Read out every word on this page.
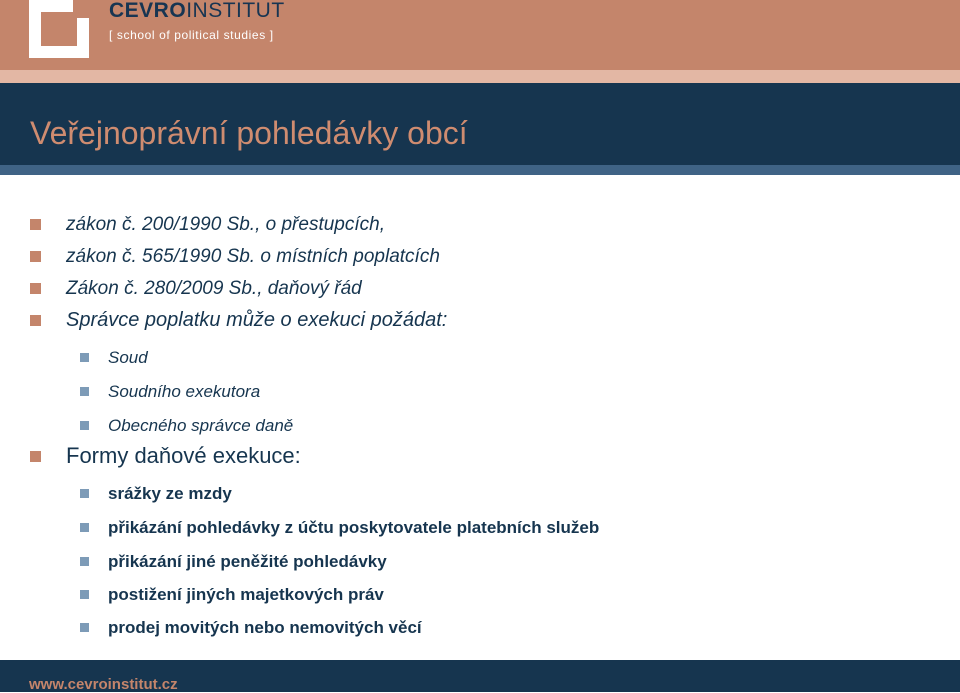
CEVROINSTITUT
[ school of political studies ]
Veřejnoprávní pohledávky obcí
zákon č. 200/1990 Sb., o přestupcích,
zákon č. 565/1990 Sb. o místních poplatcích
Zákon č. 280/2009 Sb., daňový řád
Správce poplatku může o exekuci požádat:
Soud
Soudního exekutora
Obecného správce daně
Formy daňové exekuce:
srážky ze mzdy
přikázání pohledávky z účtu poskytovatele platebních služeb
přikázání jiné peněžité pohledávky
postižení jiných majetkových práv
prodej movitých nebo nemovitých věcí
www.cevroinstitut.cz
